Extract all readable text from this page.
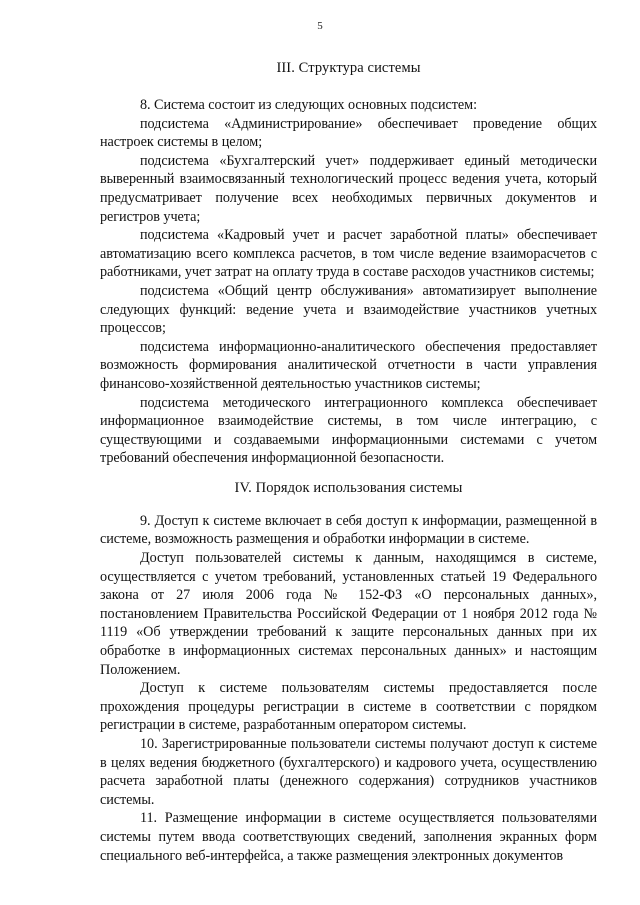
5
III. Структура системы

8. Система состоит из следующих основных подсистем:

подсистема «Администрирование» обеспечивает проведение общих настроек системы в целом;

подсистема «Бухгалтерский учет» поддерживает единый методически выверенный взаимосвязанный технологический процесс ведения учета, который предусматривает получение всех необходимых первичных документов и регистров учета;

подсистема «Кадровый учет и расчет заработной платы» обеспечивает автоматизацию всего комплекса расчетов, в том числе ведение взаиморасчетов с работниками, учет затрат на оплату труда в составе расходов участников системы;

подсистема «Общий центр обслуживания» автоматизирует выполнение следующих функций: ведение учета и взаимодействие участников учетных процессов;

подсистема информационно-аналитического обеспечения предоставляет возможность формирования аналитической отчетности в части управления финансово-хозяйственной деятельностью участников системы;

подсистема методического интеграционного комплекса обеспечивает информационное взаимодействие системы, в том числе интеграцию, с существующими и создаваемыми информационными системами с учетом требований обеспечения информационной безопасности.

IV. Порядок использования системы

9. Доступ к системе включает в себя доступ к информации, размещенной в системе, возможность размещения и обработки информации в системе.

Доступ пользователей системы к данным, находящимся в системе, осуществляется с учетом требований, установленных статьей 19 Федерального закона от 27 июля 2006 года № 152-ФЗ «О персональных данных», постановлением Правительства Российской Федерации от 1 ноября 2012 года № 1119 «Об утверждении требований к защите персональных данных при их обработке в информационных системах персональных данных» и настоящим Положением.

Доступ к системе пользователям системы предоставляется после прохождения процедуры регистрации в системе в соответствии с порядком регистрации в системе, разработанным оператором системы.

10. Зарегистрированные пользователи системы получают доступ к системе в целях ведения бюджетного (бухгалтерского) и кадрового учета, осуществлению расчета заработной платы (денежного содержания) сотрудников участников системы.

11. Размещение информации в системе осуществляется пользователями системы путем ввода соответствующих сведений, заполнения экранных форм специального веб-интерфейса, а также размещения электронных документов
